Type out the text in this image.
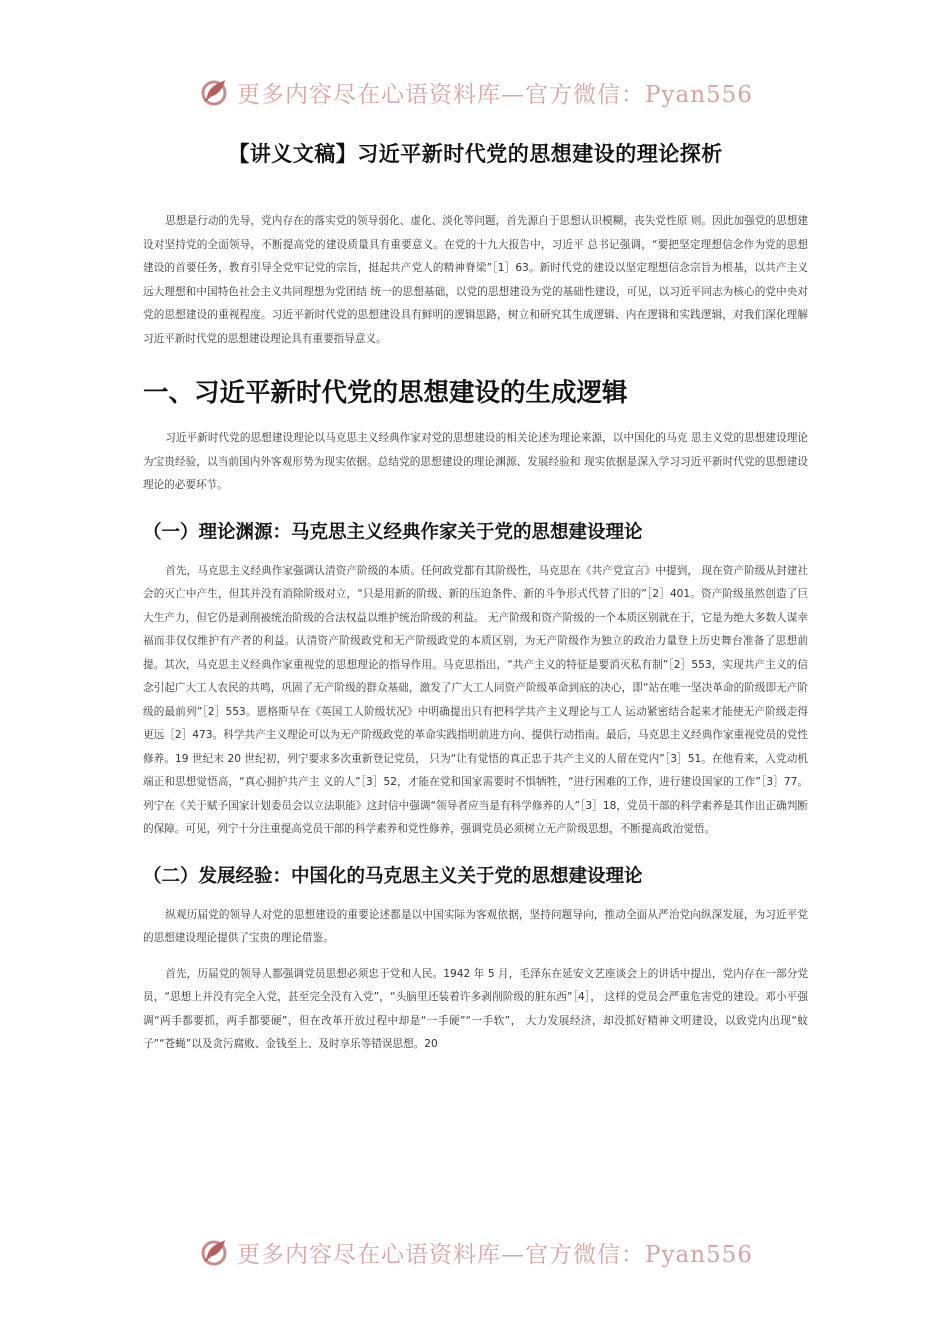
更多内容尽在心语资料库—官方微信：Pyan556
【讲义文稿】习近平新时代党的思想建设的理论探析

思想是行动的先导，党内存在的落实党的领导弱化、虚化、淡化等问题，首先源自于思想认识模糊，丧失党性原 则。因此加强党的思想建设对坚持党的全面领导，不断提高党的建设质量具有重要意义。在党的十九大报告中，习近平 总书记强调，“要把坚定理想信念作为党的思想建设的首要任务，教育引导全党牢记党的宗旨，挺起共产党人的精神脊梁”［1］63。新时代党的建设以坚定理想信念宗旨为根基，以共产主义远大理想和中国特色社会主义共同理想为党团结 统一的思想基础，以党的思想建设为党的基础性建设，可见，以习近平同志为核心的党中央对党的思想建设的重视程度。习近平新时代党的思想建设具有鲜明的逻辑思路，树立和研究其生成逻辑、内在逻辑和实践逻辑，对我们深化理解习近平新时代党的思想建设理论具有重要指导意义。

一、习近平新时代党的思想建设的生成逻辑

习近平新时代党的思想建设理论以马克思主义经典作家对党的思想建设的相关论述为理论来源，以中国化的马克 思主义党的思想建设理论为宝贵经验，以当前国内外客观形势为现实依据。总结党的思想建设的理论渊源、发展经验和 现实依据是深入学习习近平新时代党的思想建设理论的必要环节。

（一）理论渊源：马克思主义经典作家关于党的思想建设理论

首先，马克思主义经典作家强调认清资产阶级的本质。任何政党都有其阶级性，马克思在《共产党宣言》中提到， 现在资产阶级从封建社会的灭亡中产生，但其并没有消除阶级对立，“只是用新的阶级、新的压迫条件、新的斗争形式代替了旧的”［2］401。资产阶级虽然创造了巨大生产力，但它仍是剥削被统治阶级的合法权益以维护统治阶级的利益。 无产阶级和资产阶级的一个本质区别就在于，它是为绝大多数人谋幸福而非仅仅维护有产者的利益。认清资产阶级政党和无产阶级政党的本质区别，为无产阶级作为独立的政治力量登上历史舞台准备了思想前提。其次，马克思主义经典作家重视党的思想理论的指导作用。马克思指出，“共产主义的特征是要消灭私有制”［2］553，实现共产主义的信念引起广大工人农民的共鸣，巩固了无产阶级的群众基础，激发了广大工人同资产阶级革命到底的决心，即“站在唯一坚决革命的阶级即无产阶级的最前列”［2］553。恩格斯早在《英国工人阶级状况》中明确提出只有把科学共产主义理论与工人 运动紧密结合起来才能使无产阶级走得更远［2］473。科学共产主义理论可以为无产阶级政党的革命实践指明前进方向、提供行动指南。最后，马克思主义经典作家重视党员的党性修养。19 世纪末 20 世纪初，列宁要求多次重新登记党员， 只为“让有觉悟的真正忠于共产主义的人留在党内”［3］51。在他看来，入党动机端正和思想觉悟高，“真心拥护共产主 义的人”［3］52，才能在党和国家需要时不惧牺牲，“进行困难的工作，进行建设国家的工作”［3］77。列宁在《关于赋予国家计划委员会以立法职能》这封信中强调“领导者应当是有科学修养的人”［3］18，党员干部的科学素养是其作出正确判断的保障。可见，列宁十分注重提高党员干部的科学素养和党性修养，强调党员必须树立无产阶级思想，不断提高政治觉悟。

（二）发展经验：中国化的马克思主义关于党的思想建设理论

纵观历届党的领导人对党的思想建设的重要论述都是以中国实际为客观依据，坚持问题导向，推动全面从严治党向纵深发展，为习近平党的思想建设理论提供了宝贵的理论借鉴。

首先，历届党的领导人都强调党员思想必须忠于党和人民。1942 年 5 月，毛泽东在延安文艺座谈会上的讲话中提出，党内存在一部分党员，“思想上并没有完全入党，甚至完全没有入党”，“头脑里还装着许多剥削阶级的脏东西”［4］， 这样的党员会严重危害党的建设。邓小平强调“两手都要抓，两手都要硬”，但在改革开放过程中却是“一手硬”“一手软”， 大力发展经济，却没抓好精神文明建设，以致党内出现“蚊子”“苍蝇”以及贪污腐败、金钱至上、及时享乐等错误思想。20

更多内容尽在心语资料库—官方微信：Pyan556
